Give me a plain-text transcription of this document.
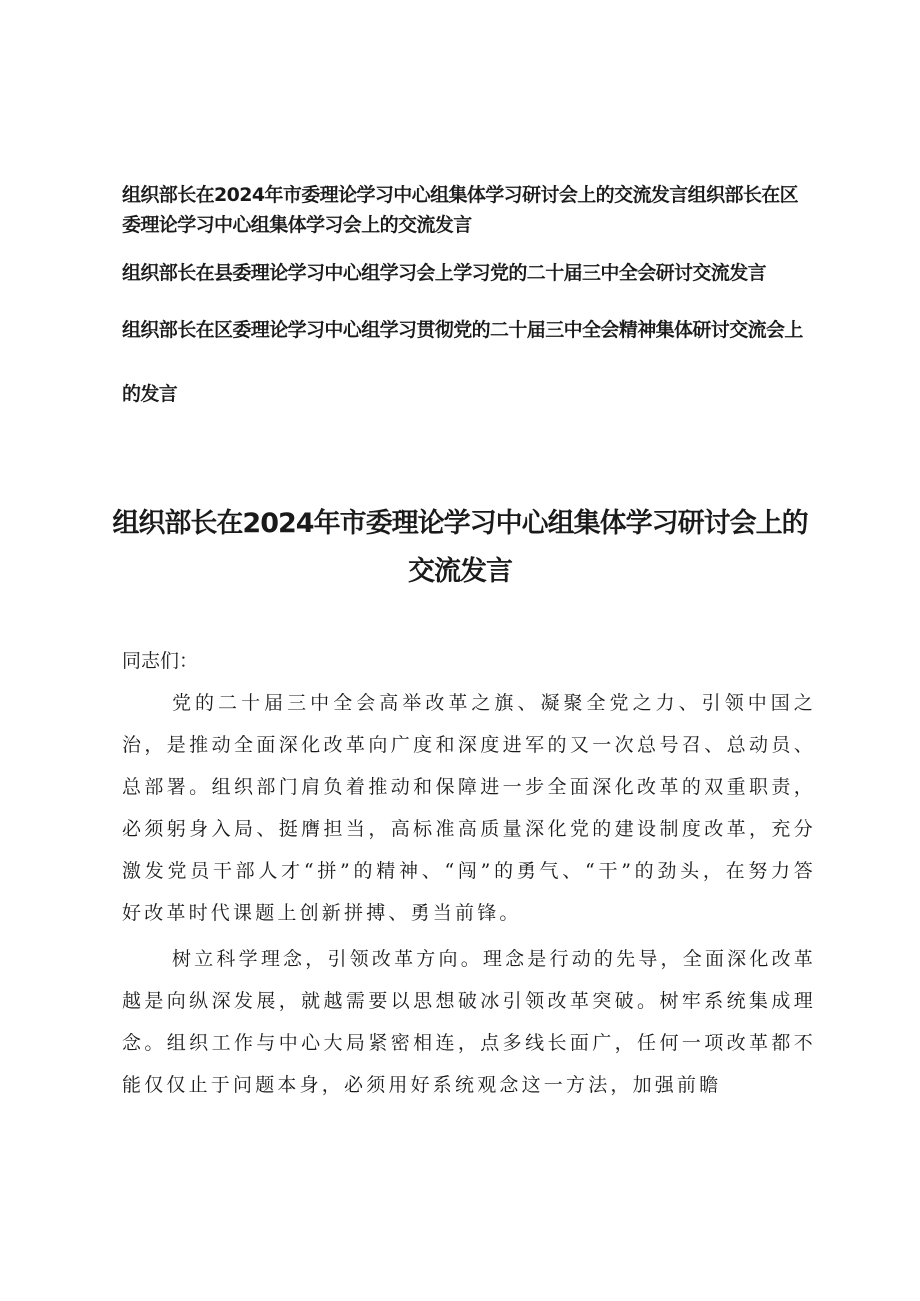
组织部长在2024年市委理论学习中心组集体学习研讨会上的交流发言组织部长在区委理论学习中心组集体学习会上的交流发言

组织部长在县委理论学习中心组学习会上学习党的二十届三中全会研讨交流发言

组织部长在区委理论学习中心组学习贯彻党的二十届三中全会精神集体研讨交流会上的发言

组织部长在2024年市委理论学习中心组集体学习研讨会上的交流发言

同志们：

党的二十届三中全会高举改革之旗、凝聚全党之力、引领中国之治，是推动全面深化改革向广度和深度进军的又一次总号召、总动员、总部署。组织部门肩负着推动和保障进一步全面深化改革的双重职责，必须躬身入局、挺膺担当，高标准高质量深化党的建设制度改革，充分激发党员干部人才“拼”的精神、“闯”的勇气、“干”的劲头，在努力答好改革时代课题上创新拼搏、勇当前锋。

树立科学理念，引领改革方向。理念是行动的先导，全面深化改革越是向纵深发展，就越需要以思想破冰引领改革突破。树牢系统集成理念。组织工作与中心大局紧密相连，点多线长面广，任何一项改革都不能仅仅止于问题本身，必须用好系统观念这一方法，加强前瞻
